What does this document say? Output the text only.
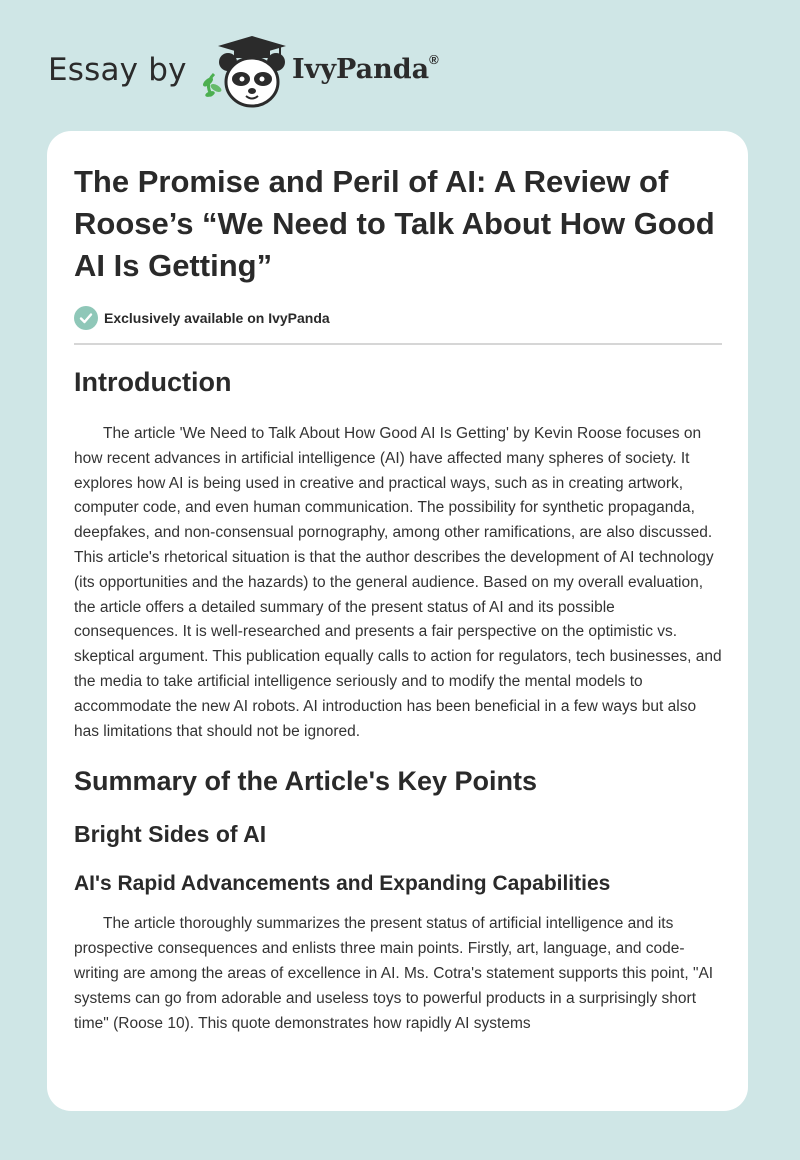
Essay by	IvyPanda®
The Promise and Peril of AI: A Review of Roose’s “We Need to Talk About How Good AI Is Getting”
Exclusively available on IvyPanda
Introduction

The article 'We Need to Talk About How Good AI Is Getting' by Kevin Roose focuses on how recent advances in artificial intelligence (AI) have affected many spheres of society. It explores how AI is being used in creative and practical ways, such as in creating artwork, computer code, and even human communication. The possibility for synthetic propaganda, deepfakes, and non-consensual pornography, among other ramifications, are also discussed. This article's rhetorical situation is that the author describes the development of AI technology (its opportunities and the hazards) to the general audience. Based on my overall evaluation, the article offers a detailed summary of the present status of AI and its possible consequences. It is well-researched and presents a fair perspective on the optimistic vs. skeptical argument. This publication equally calls to action for regulators, tech businesses, and the media to take artificial intelligence seriously and to modify the mental models to accommodate the new AI robots. AI introduction has been beneficial in a few ways but also has limitations that should not be ignored.

Summary of the Article's Key Points
Bright Sides of AI
AI's Rapid Advancements and Expanding Capabilities

The article thoroughly summarizes the present status of artificial intelligence and its prospective consequences and enlists three main points. Firstly, art, language, and code-writing are among the areas of excellence in AI. Ms. Cotra's statement supports this point, "AI systems can go from adorable and useless toys to powerful products in a surprisingly short time" (Roose 10). This quote demonstrates how rapidly AI systems
